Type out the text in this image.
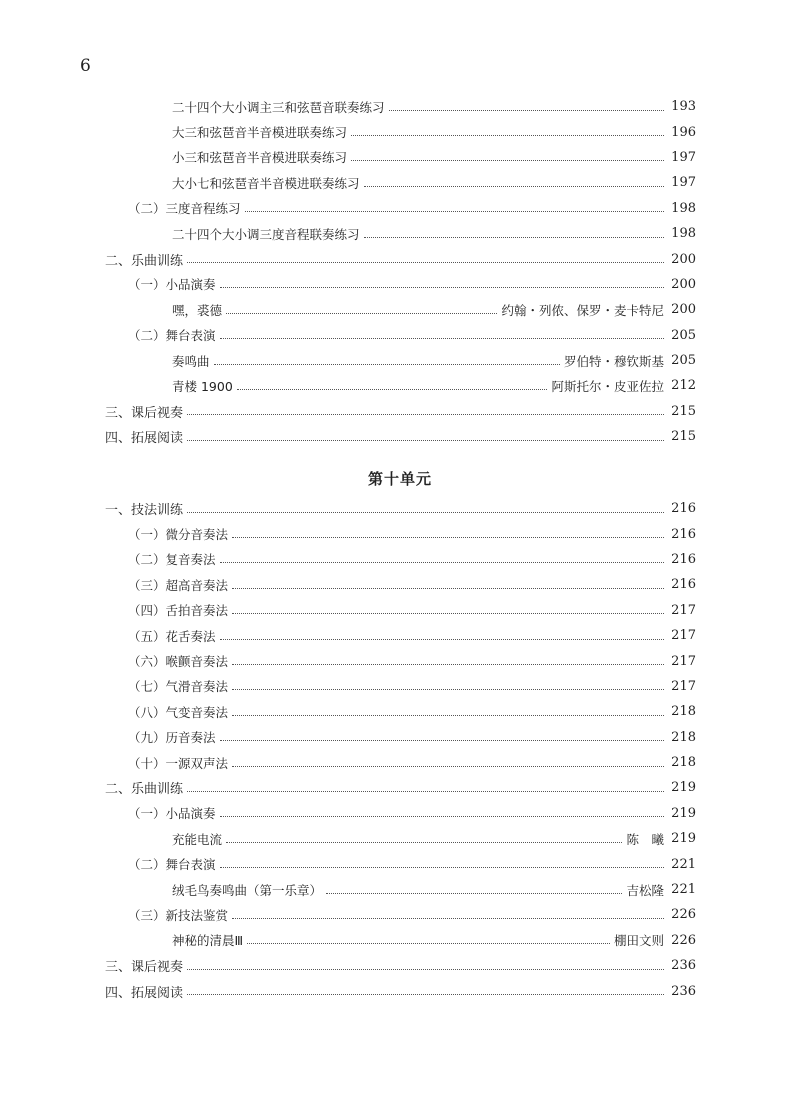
6
二十四个大小调主三和弦琶音联奏练习	193
大三和弦琶音半音模进联奏练习	196
小三和弦琶音半音模进联奏练习	197
大小七和弦琶音半音模进联奏练习	197
（二）三度音程练习	198
二十四个大小调三度音程联奏练习	198
二、乐曲训练	200
（一）小品演奏	200
嘿，裘德	约翰・列侬、保罗・麦卡特尼 200
（二）舞台表演	205
奏鸣曲	罗伯特・穆钦斯基 205
青楼 1900	阿斯托尔・皮亚佐拉 212
三、课后视奏	215
四、拓展阅读	215
第十单元
一、技法训练	216
（一）微分音奏法	216
（二）复音奏法	216
（三）超高音奏法	216
（四）舌拍音奏法	217
（五）花舌奏法	217
（六）喉颤音奏法	217
（七）气滑音奏法	217
（八）气变音奏法	218
（九）历音奏法	218
（十）一源双声法	218
二、乐曲训练	219
（一）小品演奏	219
充能电流	陈　曦 219
（二）舞台表演	221
绒毛鸟奏鸣曲（第一乐章）	吉松隆 221
（三）新技法鉴赏	226
神秘的清晨Ⅲ	棚田文则 226
三、课后视奏	236
四、拓展阅读	236
